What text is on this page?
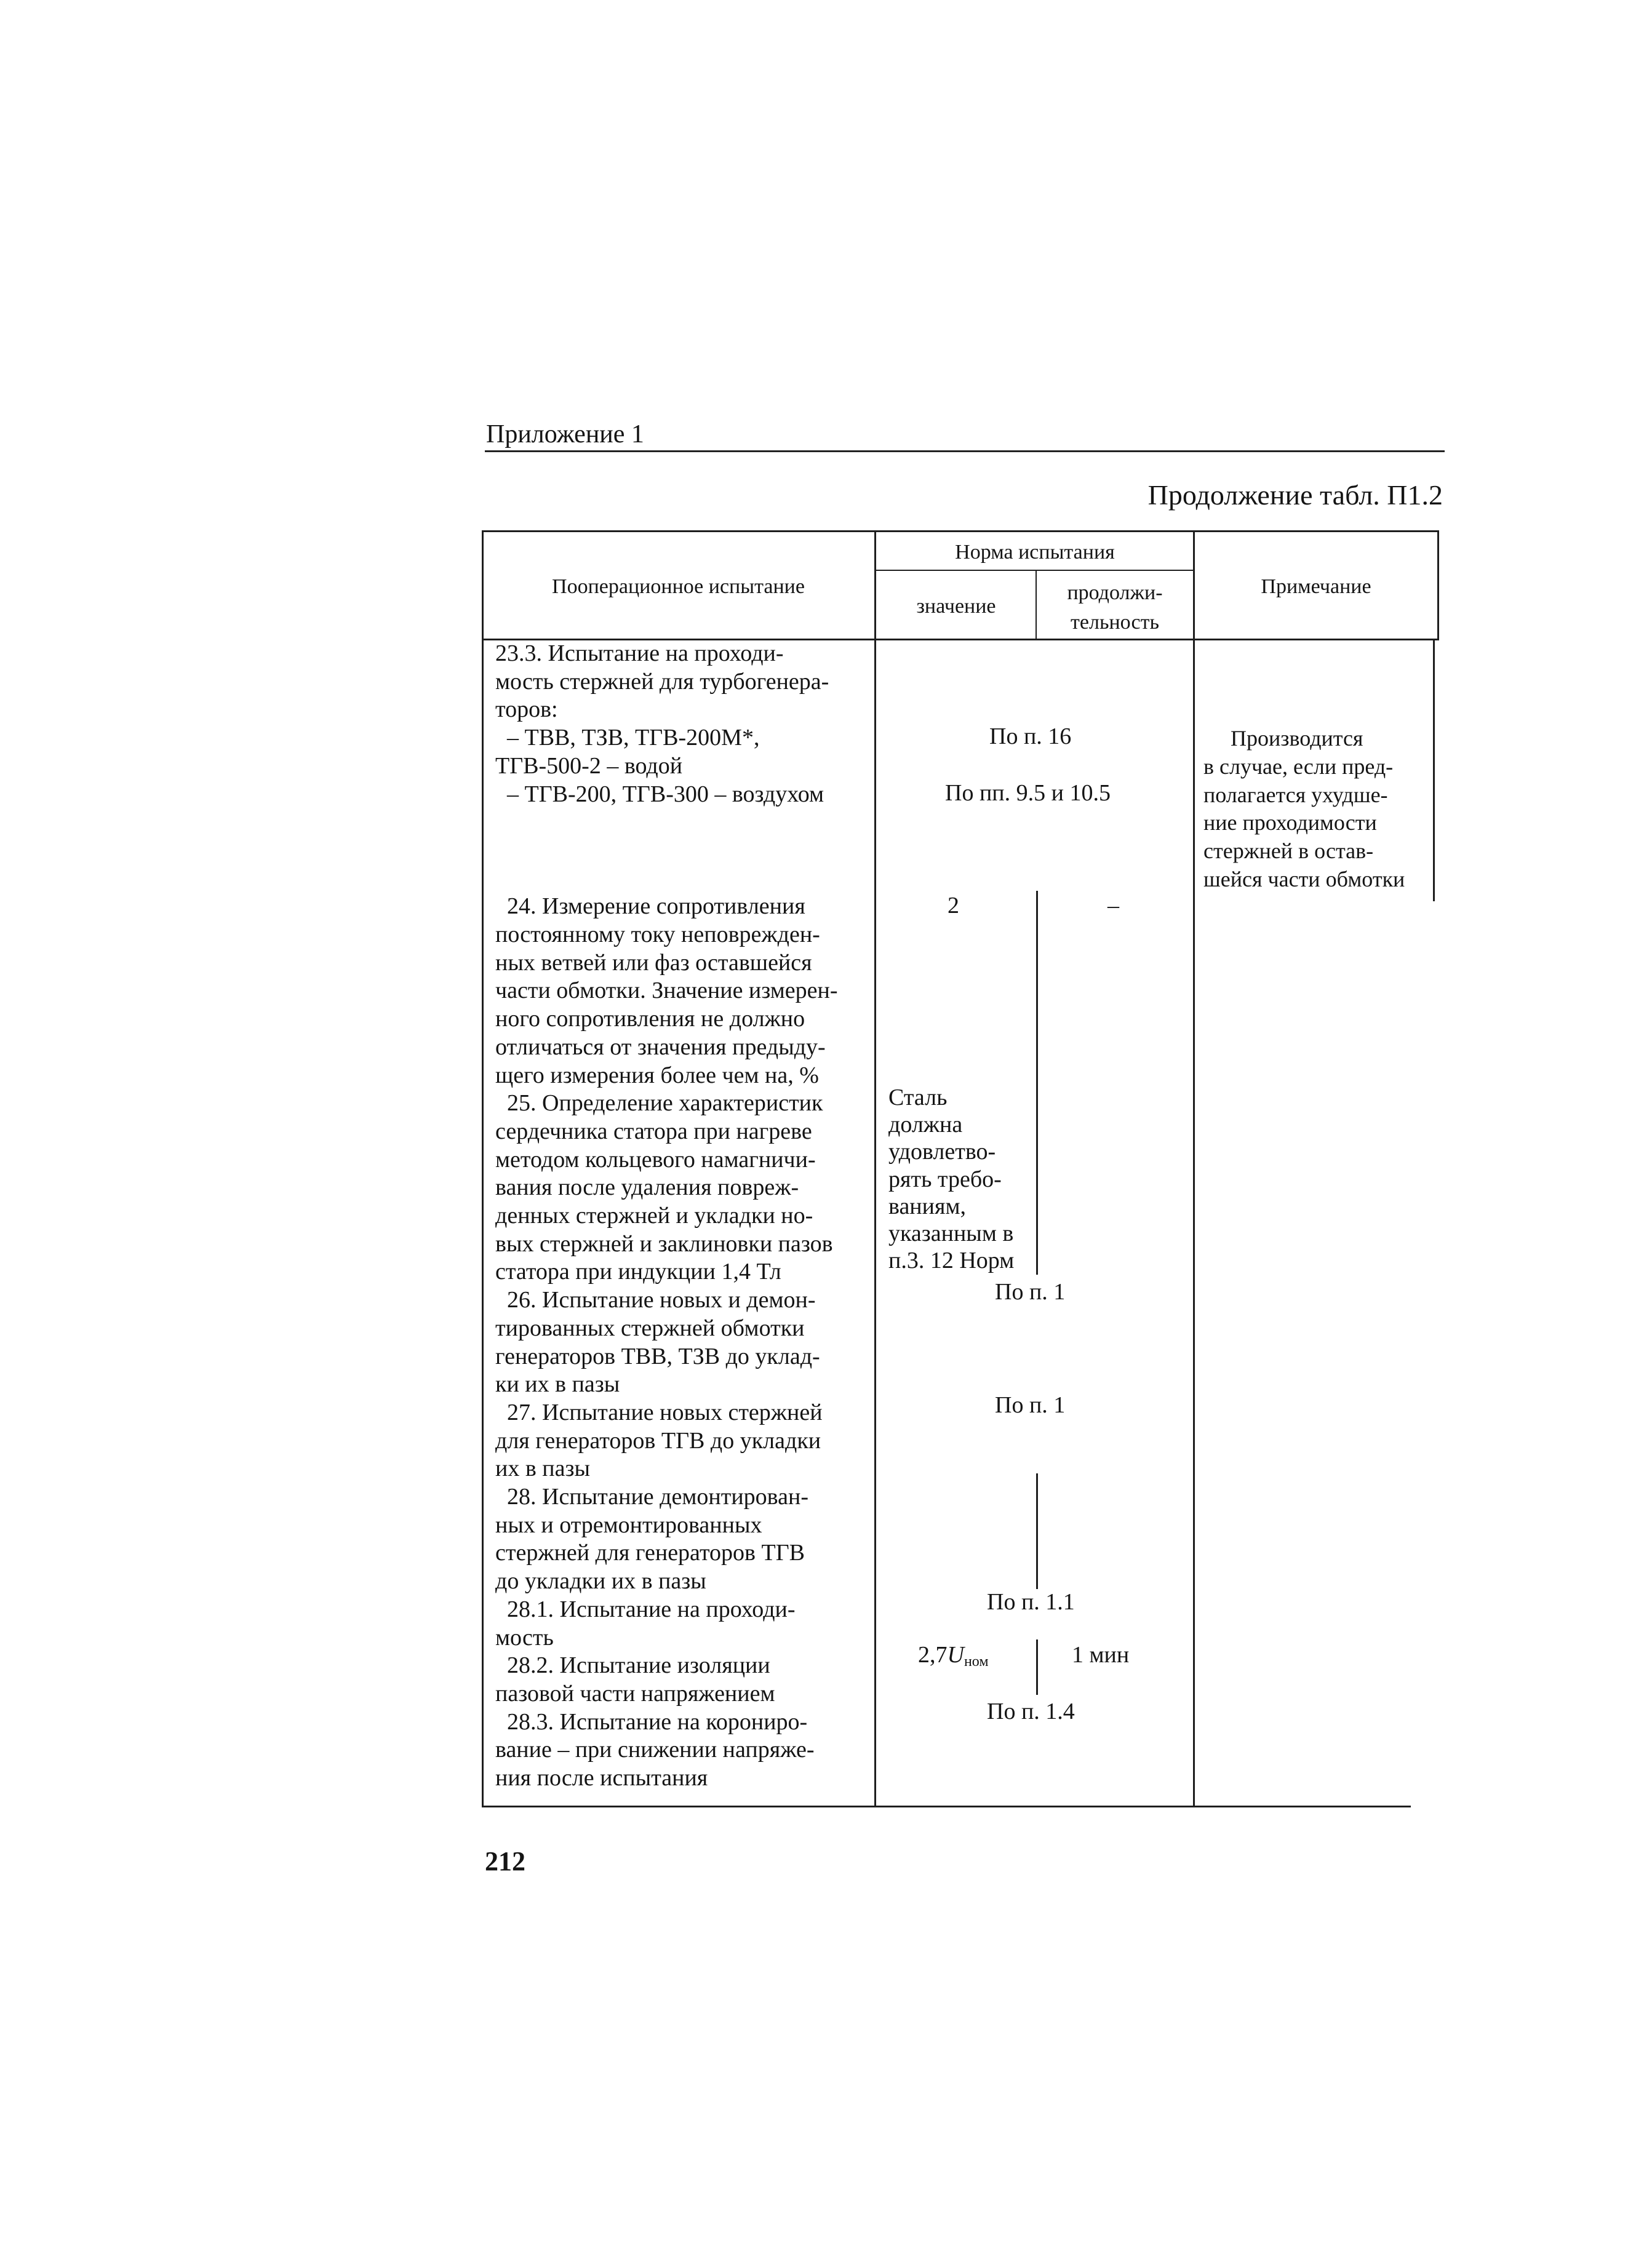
Приложение 1
Продолжение табл. П1.2
Пооперационное испытание
Норма испытания
значение
продолжи-
тельность
Примечание
23.3. Испытание на проходи-
мость стержней для турбогенера-
торов:
– ТВВ, ТЗВ, ТГВ-200М*,
ТГВ-500-2 – водой
– ТГВ-200, ТГВ-300 – воздухом
24. Измерение сопротивления
постоянному току неповрежден-
ных ветвей или фаз оставшейся
части обмотки. Значение измерен-
ного сопротивления не должно
отличаться от значения предыду-
щего измерения более чем на, %
25. Определение характеристик
сердечника статора при нагреве
методом кольцевого намагничи-
вания после удаления повреж-
денных стержней и укладки но-
вых стержней и заклиновки пазов
статора при индукции 1,4 Тл
26. Испытание новых и демон-
тированных стержней обмотки
генераторов ТВВ, ТЗВ до уклад-
ки их в пазы
27. Испытание новых стержней
для генераторов ТГВ до укладки
их в пазы
28. Испытание демонтирован-
ных и отремонтированных
стержней для генераторов ТГВ
до укладки их в пазы
28.1. Испытание на проходи-
мость
28.2. Испытание изоляции
пазовой части напряжением
28.3. Испытание на корониро-
вание – при снижении напряже-
ния после испытания
По п. 16
По пп. 9.5 и 10.5
2	–
Сталь
должна
удовлетво-
рять требо-
ваниям,
указанным в
п.3. 12 Норм
По п. 1
По п. 1
По п. 1.1
$2,7U_{ном}$	1 мин
По п. 1.4
Производится
в случае, если пред-
полагается ухудше-
ние проходимости
стержней в остав-
шейся части обмотки
212
